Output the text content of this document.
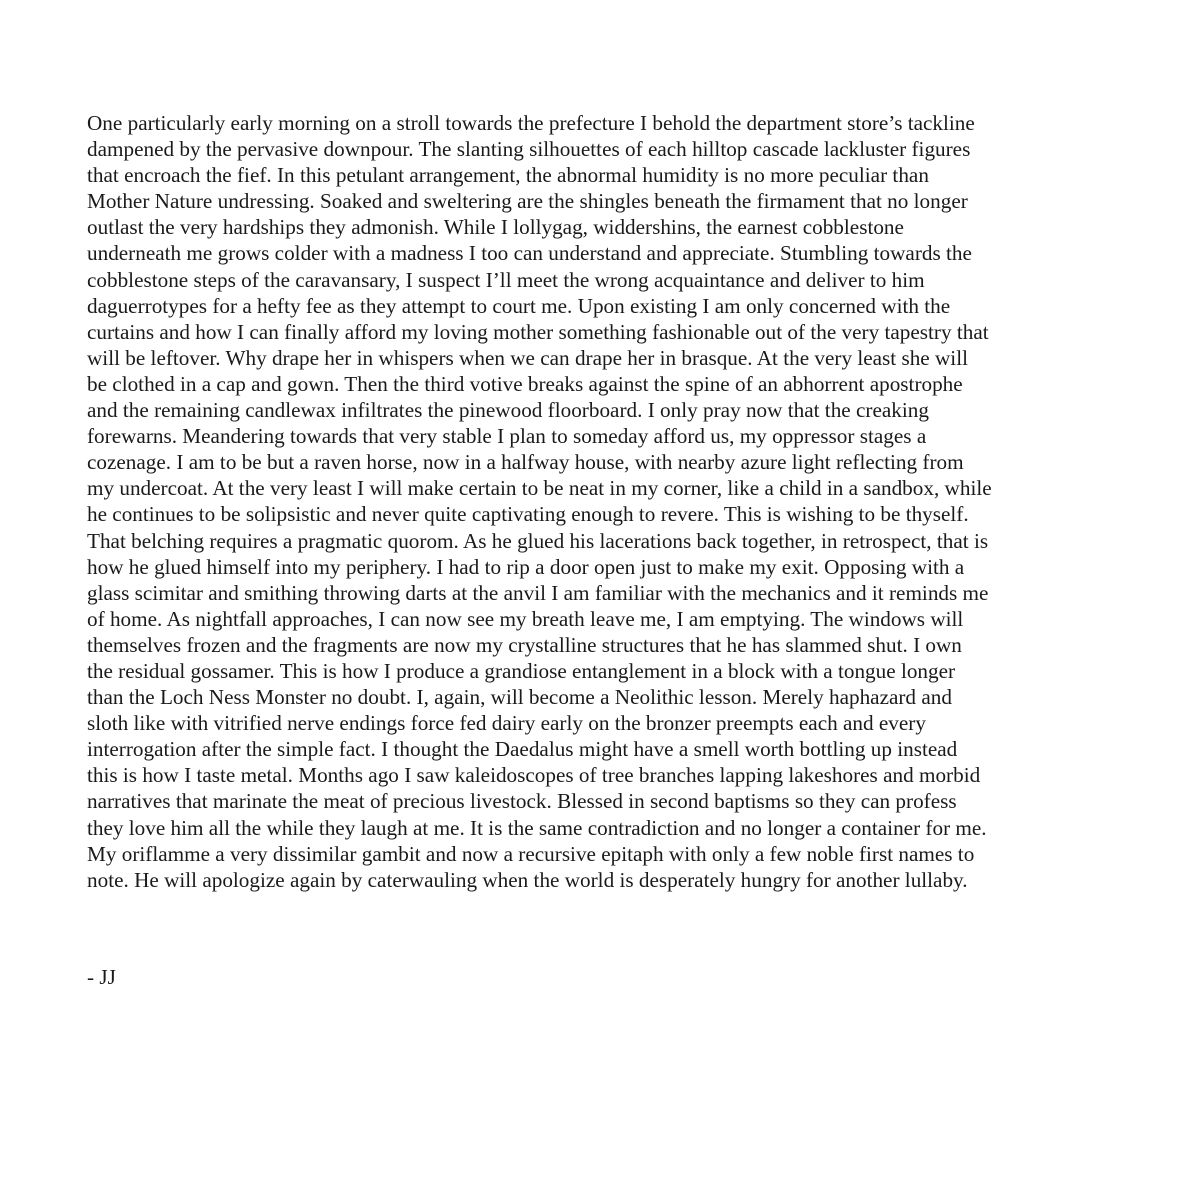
One particularly early morning on a stroll towards the prefecture I behold the department store’s tackline
dampened by the pervasive downpour. The slanting silhouettes of each hilltop cascade lackluster figures
that encroach the fief. In this petulant arrangement, the abnormal humidity is no more peculiar than
Mother Nature undressing. Soaked and sweltering are the shingles beneath the firmament that no longer
outlast the very hardships they admonish. While I lollygag, widdershins, the earnest cobblestone
underneath me grows colder with a madness I too can understand and appreciate. Stumbling towards the
cobblestone steps of the caravansary, I suspect I’ll meet the wrong acquaintance and deliver to him
daguerrotypes for a hefty fee as they attempt to court me. Upon existing I am only concerned with the
curtains and how I can finally afford my loving mother something fashionable out of the very tapestry that
will be leftover. Why drape her in whispers when we can drape her in brasque. At the very least she will
be clothed in a cap and gown. Then the third votive breaks against the spine of an abhorrent apostrophe
and the remaining candlewax infiltrates the pinewood floorboard. I only pray now that the creaking
forewarns. Meandering towards that very stable I plan to someday afford us, my oppressor stages a
cozenage. I am to be but a raven horse, now in a halfway house, with nearby azure light reflecting from
my undercoat. At the very least I will make certain to be neat in my corner, like a child in a sandbox, while
he continues to be solipsistic and never quite captivating enough to revere. This is wishing to be thyself.
That belching requires a pragmatic quorom. As he glued his lacerations back together, in retrospect, that is
how he glued himself into my periphery. I had to rip a door open just to make my exit. Opposing with a
glass scimitar and smithing throwing darts at the anvil I am familiar with the mechanics and it reminds me
of home. As nightfall approaches, I can now see my breath leave me, I am emptying. The windows will
themselves frozen and the fragments are now my crystalline structures that he has slammed shut. I own
the residual gossamer. This is how I produce a grandiose entanglement in a block with a tongue longer
than the Loch Ness Monster no doubt. I, again, will become a Neolithic lesson. Merely haphazard and
sloth like with vitrified nerve endings force fed dairy early on the bronzer preempts each and every
interrogation after the simple fact. I thought the Daedalus might have a smell worth bottling up instead
this is how I taste metal. Months ago I saw kaleidoscopes of tree branches lapping lakeshores and morbid
narratives that marinate the meat of precious livestock. Blessed in second baptisms so they can profess
they love him all the while they laugh at me. It is the same contradiction and no longer a container for me.
My oriflamme a very dissimilar gambit and now a recursive epitaph with only a few noble first names to
note. He will apologize again by caterwauling when the world is desperately hungry for another lullaby.

- JJ
